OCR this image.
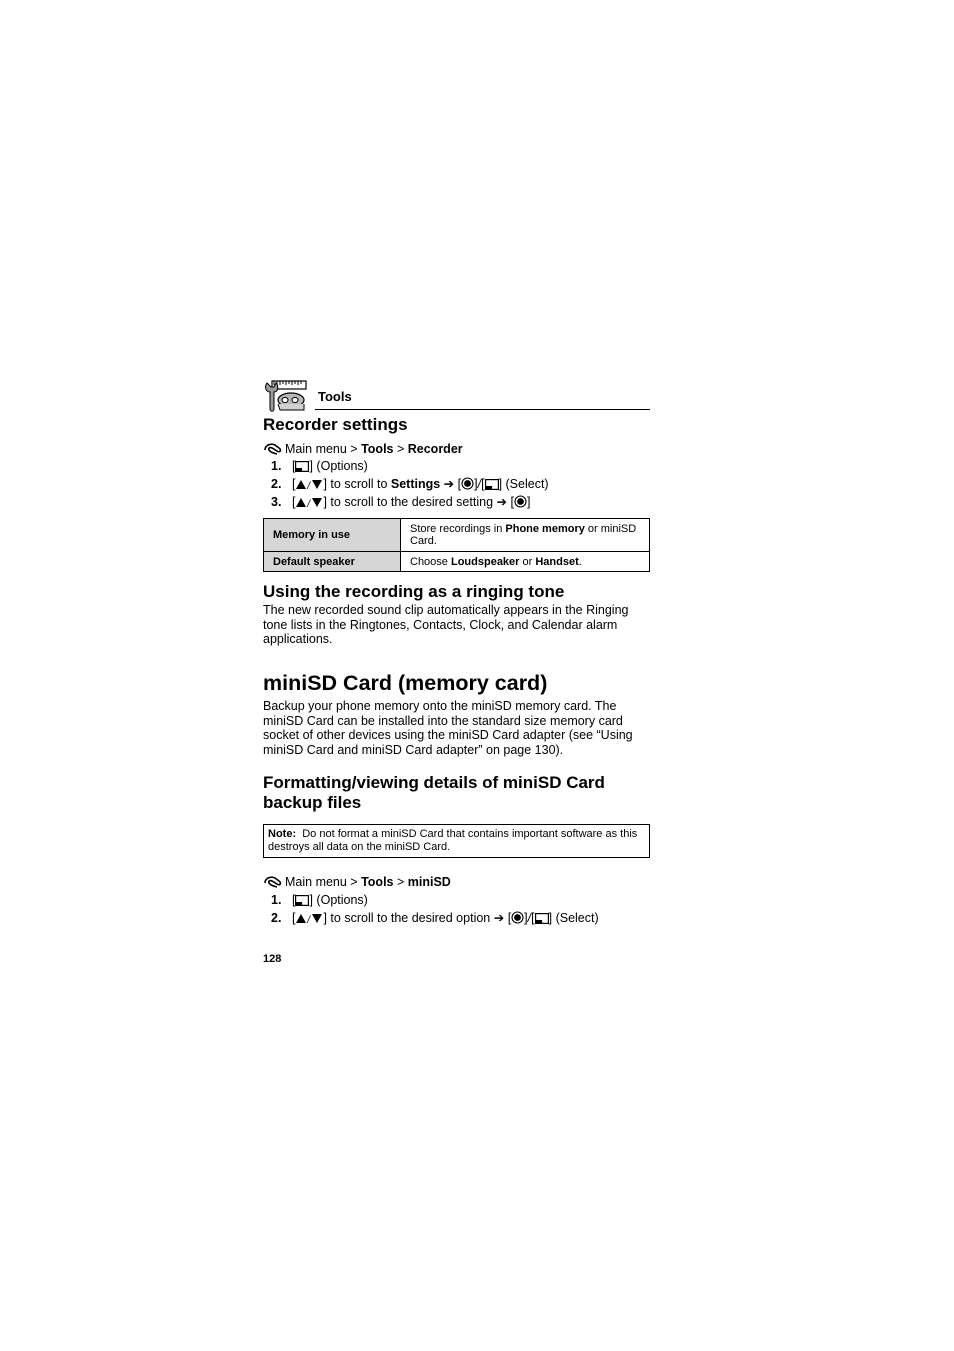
Tools
Recorder settings
Main menu > Tools > Recorder
1. [ ] (Options)
2. [ ] to scroll to Settings ➔ [ ]/[ ] (Select)
3. [ ] to scroll to the desired setting ➔ [ ]
Memory in use	Store recordings in Phone memory or miniSD Card.
Default speaker	Choose Loudspeaker or Handset.
Using the recording as a ringing tone
The new recorded sound clip automatically appears in the Ringing tone lists in the Ringtones, Contacts, Clock, and Calendar alarm applications.
miniSD Card (memory card)
Backup your phone memory onto the miniSD memory card. The miniSD Card can be installed into the standard size memory card socket of other devices using the miniSD Card adapter (see “Using miniSD Card and miniSD Card adapter” on page 130).
Formatting/viewing details of miniSD Card
backup files
Note: Do not format a miniSD Card that contains important software as this destroys all data on the miniSD Card.
Main menu > Tools > miniSD
1. [ ] (Options)
2. [ ] to scroll to the desired option ➔ [ ]/[ ] (Select)
128
